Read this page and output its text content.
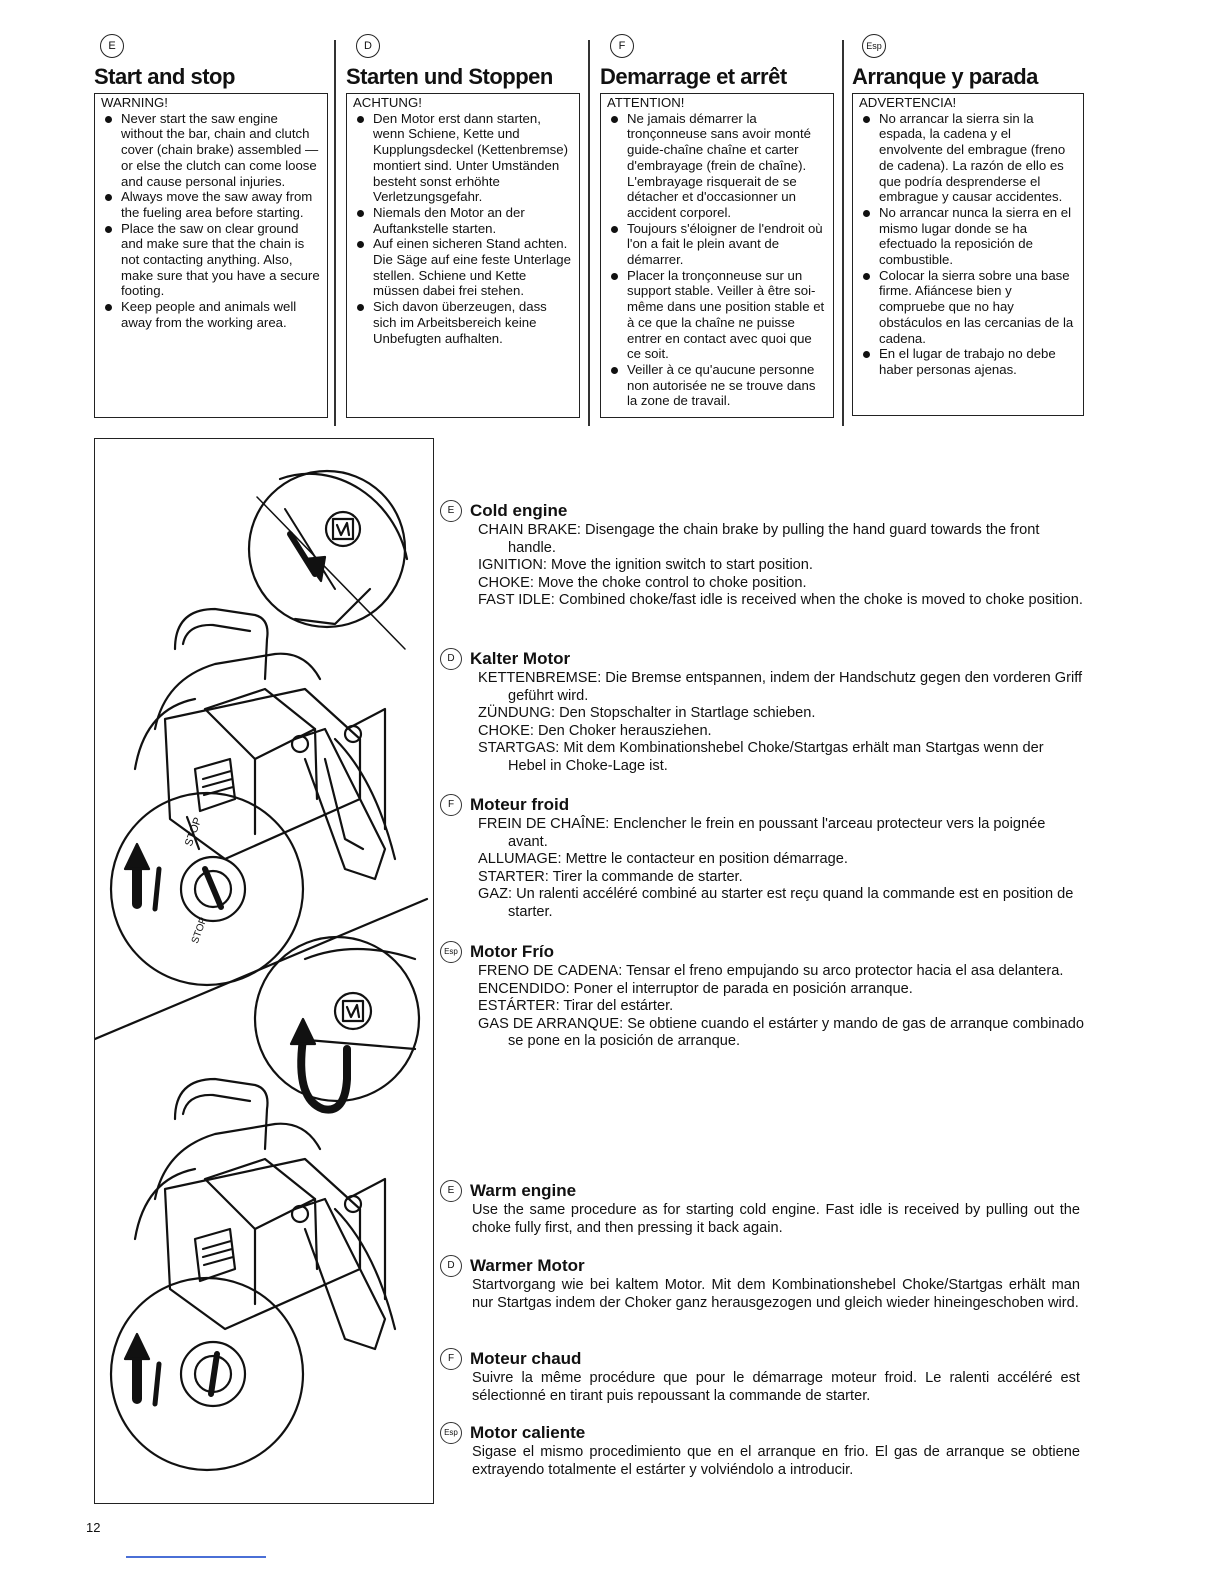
E
Start and stop
WARNING!
Never start the saw engine without the bar, chain and clutch cover (chain brake) assembled — or else the clutch can come loose and cause personal injuries.
Always move the saw away from the fueling area before starting.
Place the saw on clear ground and make sure that the chain is not contacting anything. Also, make sure that you have a secure footing.
Keep people and animals well away from the working area.
D
Starten und Stoppen
ACHTUNG!
Den Motor erst dann starten, wenn Schiene, Kette und Kupplungsdeckel (Kettenbremse) montiert sind. Unter Umständen besteht sonst erhöhte Verletzungsgefahr.
Niemals den Motor an der Auftankstelle starten.
Auf einen sicheren Stand achten. Die Säge auf eine feste Unterlage stellen. Schiene und Kette müssen dabei frei stehen.
Sich davon überzeugen, dass sich im Arbeitsbereich keine Unbefugten aufhalten.
F
Demarrage et arrêt
ATTENTION!
Ne jamais démarrer la tronçonneuse sans avoir monté guide-chaîne chaîne et carter d'embrayage (frein de chaîne). L'embrayage risquerait de se détacher et d'occasionner un accident corporel.
Toujours s'éloigner de l'endroit où l'on a fait le plein avant de démarrer.
Placer la tronçonneuse sur un support stable. Veiller à être soi-même dans une position stable et à ce que la chaîne ne puisse entrer en contact avec quoi que ce soit.
Veiller à ce qu'aucune personne non autorisée ne se trouve dans la zone de travail.
Esp
Arranque y parada
ADVERTENCIA!
No arrancar la sierra sin la espada, la cadena y el envolvente del embrague (freno de cadena). La razón de ello es que podría desprenderse el embrague y causar accidentes.
No arrancar nunca la sierra en el mismo lugar donde se ha efectuado la reposición de combustible.
Colocar la sierra sobre una base firme. Afiáncese bien y compruebe que no hay obstáculos en las cercanias de la cadena.
En el lugar de trabajo no debe haber personas ajenas.
STOP
STOP
E Cold engine
CHAIN BRAKE: Disengage the chain brake by pulling the hand guard towards the front handle.
IGNITION: Move the ignition switch to start position.
CHOKE: Move the choke control to choke position.
FAST IDLE: Combined choke/fast idle is received when the choke is moved to choke position.
D Kalter Motor
KETTENBREMSE: Die Bremse entspannen, indem der Handschutz gegen den vorderen Griff geführt wird.
ZÜNDUNG: Den Stopschalter in Startlage schieben.
CHOKE: Den Choker herausziehen.
STARTGAS: Mit dem Kombinationshebel Choke/Startgas erhält man Startgas wenn der Hebel in Choke-Lage ist.
F Moteur froid
FREIN DE CHAÎNE: Enclencher le frein en poussant l'arceau protecteur vers la poignée avant.
ALLUMAGE: Mettre le contacteur en position démarrage.
STARTER: Tirer la commande de starter.
GAZ: Un ralenti accéléré combiné au starter est reçu quand la commande est en position de starter.
Esp Motor Frío
FRENO DE CADENA: Tensar el freno empujando su arco protector hacia el asa delantera.
ENCENDIDO: Poner el interruptor de parada en posición arranque.
ESTÁRTER: Tirar del estárter.
GAS DE ARRANQUE: Se obtiene cuando el estárter y mando de gas de arranque combinado se pone en la posición de arranque.
E Warm engine
Use the same procedure as for starting cold engine. Fast idle is received by pulling out the choke fully first, and then pressing it back again.
D Warmer Motor
Startvorgang wie bei kaltem Motor. Mit dem Kombinationshebel Choke/Startgas erhält man nur Startgas indem der Choker ganz herausgezogen und gleich wieder hineingeschoben wird.
F Moteur chaud
Suivre la même procédure que pour le démarrage moteur froid. Le ralenti accéléré est sélectionné en tirant puis repoussant la commande de starter.
Esp Motor caliente
Sigase el mismo procedimiento que en el arranque en frio. El gas de arranque se obtiene extrayendo totalmente el estárter y volviéndolo a introducir.
12
